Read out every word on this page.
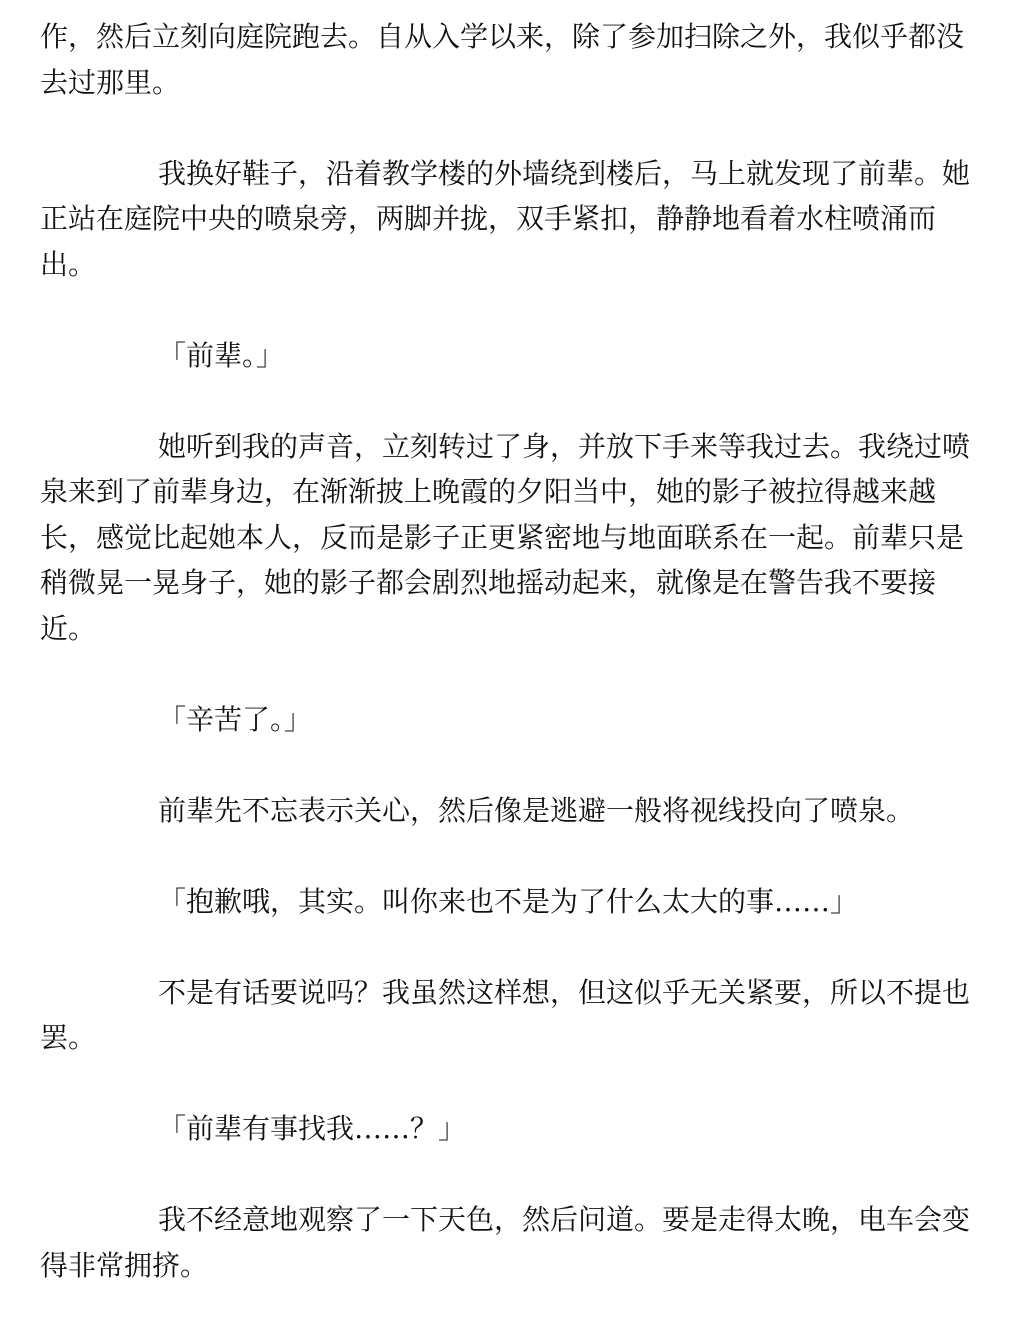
作，然后立刻向庭院跑去。自从入学以来，除了参加扫除之外，我似乎都没去过那里。

我换好鞋子，沿着教学楼的外墙绕到楼后，马上就发现了前辈。她正站在庭院中央的喷泉旁，两脚并拢，双手紧扣，静静地看着水柱喷涌而出。

「前辈。」

她听到我的声音，立刻转过了身，并放下手来等我过去。我绕过喷泉来到了前辈身边，在渐渐披上晚霞的夕阳当中，她的影子被拉得越来越长，感觉比起她本人，反而是影子正更紧密地与地面联系在一起。前辈只是稍微晃一晃身子，她的影子都会剧烈地摇动起来，就像是在警告我不要接近。

「辛苦了。」

前辈先不忘表示关心，然后像是逃避一般将视线投向了喷泉。

「抱歉哦，其实。叫你来也不是为了什么太大的事……」

不是有话要说吗？我虽然这样想，但这似乎无关紧要，所以不提也罢。

「前辈有事找我……？」

我不经意地观察了一下天色，然后问道。要是走得太晚，电车会变得非常拥挤。
